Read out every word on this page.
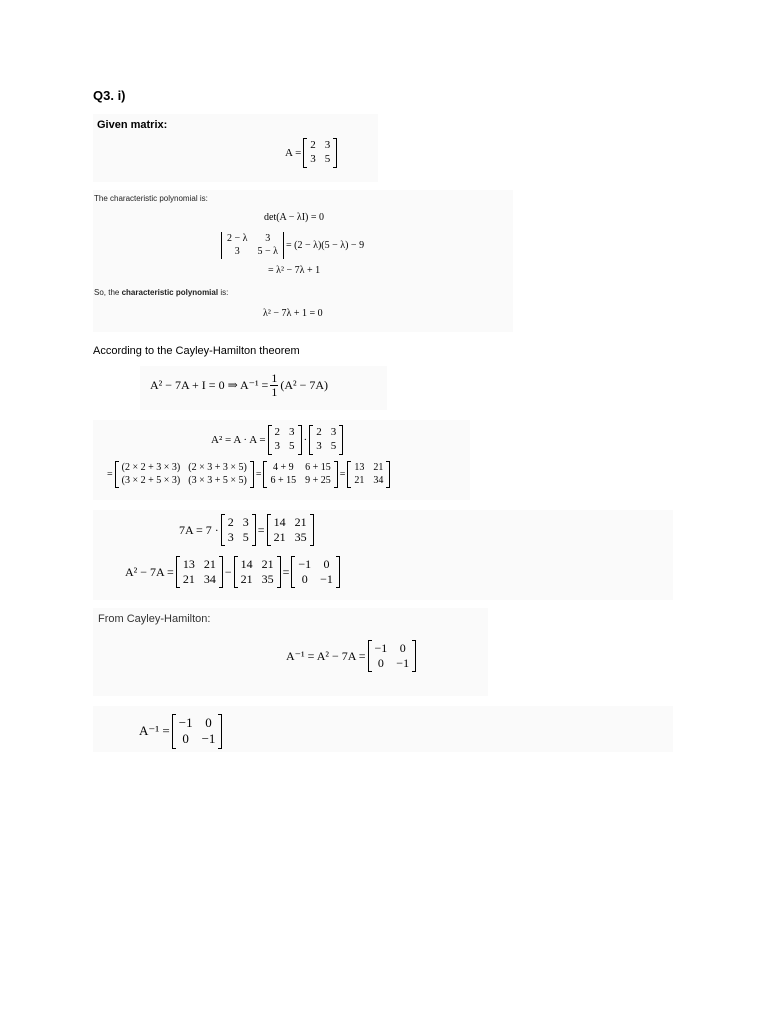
Q3. i)
Given matrix:
A =
2 3
3 5
The characteristic polynomial is:
det(A − λI) = 0
2 − λ	3
3	5 − λ = (2 − λ)(5 − λ) − 9
= λ² − 7λ + 1
So, the characteristic polynomial is:
λ² − 7λ + 1 = 0
According to the Cayley-Hamilton theorem
A² − 7A + I = 0 ⇒ $A^{-1} = \frac{1}{1} (A^2 - 7A)$
A² = A · A =
2 3
3 5 ·
2 3
3 5
=
(2 × 2 + 3 × 3) (2 × 3 + 3 × 5)
(3 × 2 + 5 × 3) (3 × 3 + 5 × 5) =
4 + 9 6 + 15
6 + 15 9 + 25 =
13 21
21 34
7A = 7 ·
2 3
3 5
=
14 21
21 35
A² − 7A =
13 21
21 34
−
14 21
21 35
=
−1 0
0 −1
From Cayley-Hamilton:
A⁻¹ = A² − 7A =
−1 0
0 −1
A⁻¹ =
−1 0
0 −1
